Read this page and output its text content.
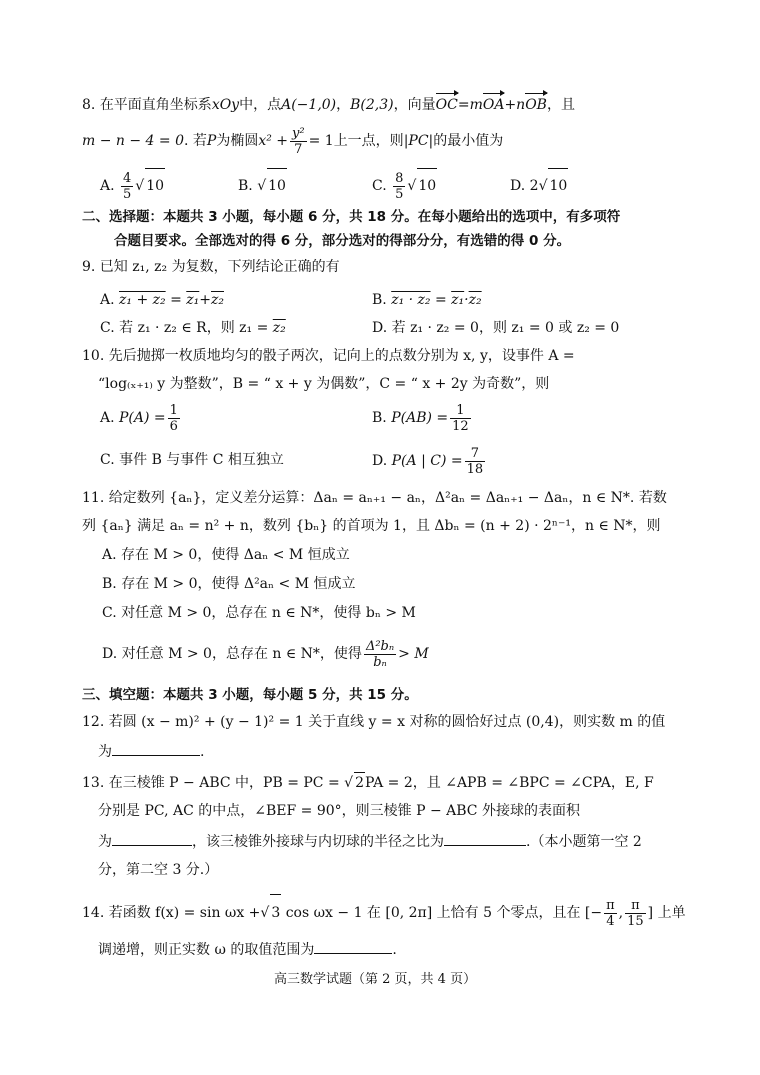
8. 在平面直角坐标系xOy中，点A(−1,0)，B(2,3)，向量OC=mOA+nOB，且
m − n − 4 = 0. 若P为椭圆$x^2 + \frac{\text{y²}}{7} = 1$上一点，则|PC|的最小值为
A. $\frac{4}{5}$ √ 10	B. √ 10	C. $\frac{8}{5}$ √ 10	D. 2√ 10
二、选择题：本题共 3 小题，每小题 6 分，共 18 分。在每小题给出的选项中，有多项符
合题目要求。全部选对的得 6 分，部分选对的得部分分，有选错的得 0 分。
9. 已知 z₁, z₂ 为复数，下列结论正确的有
A. z₁ + z₂ = z₁+z₂	B. z₁ · z₂ = z₁·z₂
C. 若 z₁ · z₂ ∈ R，则 z₁ = z₂	D. 若 z₁ · z₂ = 0，则 z₁ = 0 或 z₂ = 0
10. 先后抛掷一枚质地均匀的骰子两次，记向上的点数分别为 x, y，设事件 A =
“log₍ₓ₊₁₎ y 为整数”，B = “ x + y 为偶数”，C = “ x + 2y 为奇数”，则
A. $P(A) = \frac{1}{6}$	B. $P(AB) = \frac{1}{12}$
C. 事件 B 与事件 C 相互独立	D. P(A | $C) = \frac{7}{18}$
11. 给定数列 {aₙ}，定义差分运算：Δaₙ = aₙ₊₁ − aₙ，Δ²aₙ = Δaₙ₊₁ − Δaₙ，n ∈ N*. 若数
列 {aₙ} 满足 aₙ = n² + n，数列 {bₙ} 的首项为 1，且 Δbₙ = (n + 2) · 2ⁿ⁻¹，n ∈ N*，则
A. 存在 M > 0，使得 Δaₙ < M 恒成立
B. 存在 M > 0，使得 Δ²aₙ < M 恒成立
C. 对任意 M > 0，总存在 n ∈ N*，使得 bₙ > M
D. 对任意 M > 0，总存在 n ∈ N*，使得 $\frac{\text{Δ²bₙ}}{\text{bₙ}} > M$
三、填空题：本题共 3 小题，每小题 5 分，共 15 分。
12. 若圆 (x − m)² + (y − 1)² = 1 关于直线 y = x 对称的圆恰好过点 (0,4)，则实数 m 的值
为	.
13. 在三棱锥 P − ABC 中，PB = PC = √ 2PA = 2，且 ∠APB = ∠BPC = ∠CPA，E, F
分别是 PC, AC 的中点，∠BEF = 90°，则三棱锥 P − ABC 外接球的表面积
为	，该三棱锥外接球与内切球的半径之比为	.（本小题第一空 2
分，第二空 3 分.）
14. 若函数 f(x) = sin ωx +√ 3 cos ωx − 1 在 [0, 2π] 上恰有 5 个零点，且在 [− $\frac{\pi}{4}$ , $\frac{\pi}{15}$ ] 上单
调递增，则正实数 ω 的取值范围为	.
高三数学试题（第 2 页，共 4 页）
